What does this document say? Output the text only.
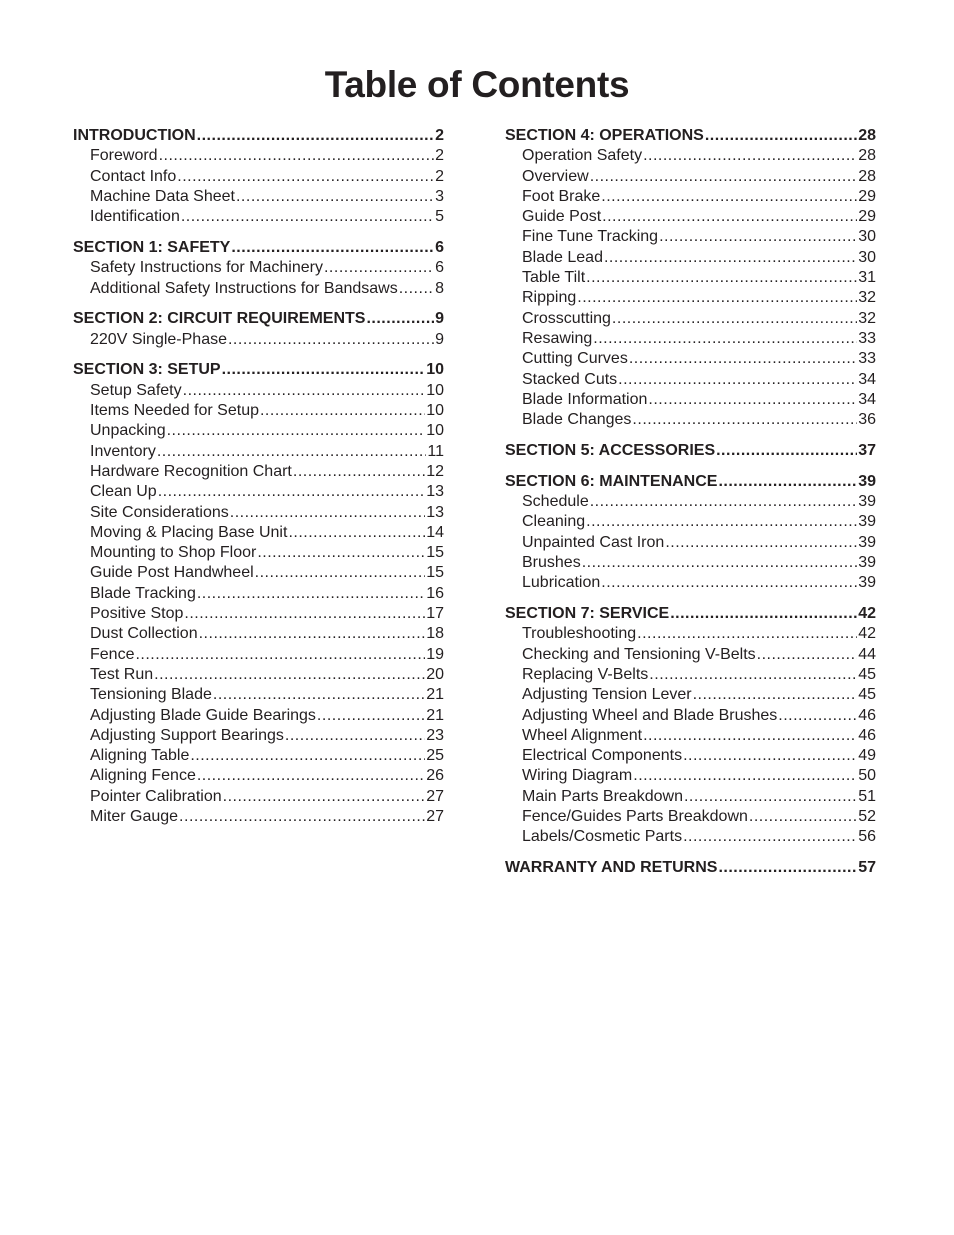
Table of Contents
INTRODUCTION .....	2
Foreword .....	2
Contact Info .....	2
Machine Data Sheet .....	3
Identification .....	5
SECTION 1: SAFETY .....	6
Safety Instructions for Machinery .....	6
Additional Safety Instructions for Bandsaws ..... 8
SECTION 2: CIRCUIT REQUIREMENTS .....	9
220V Single-Phase .....	9
SECTION 3: SETUP .....	10
Setup Safety .....	10
Items Needed for Setup .....	10
Unpacking .....	10
Inventory .....	11
Hardware Recognition Chart .....	12
Clean Up .....	13
Site Considerations .....	13
Moving & Placing Base Unit .....	14
Mounting to Shop Floor .....	15
Guide Post Handwheel .....	15
Blade Tracking .....	16
Positive Stop .....	17
Dust Collection .....	18
Fence .....	19
Test Run .....	20
Tensioning Blade .....	21
Adjusting Blade Guide Bearings .....	21
Adjusting Support Bearings .....	23
Aligning Table .....	25
Aligning Fence .....	26
Pointer Calibration .....	27
Miter Gauge .....	27
SECTION 4: OPERATIONS .....	28
Operation Safety .....	28
Overview .....	28
Foot Brake .....	29
Guide Post .....	29
Fine Tune Tracking .....	30
Blade Lead .....	30
Table Tilt .....	31
Ripping .....	32
Crosscutting .....	32
Resawing .....	33
Cutting Curves .....	33
Stacked Cuts .....	34
Blade Information .....	34
Blade Changes .....	36
SECTION 5: ACCESSORIES .....	37
SECTION 6: MAINTENANCE .....	39
Schedule .....	39
Cleaning .....	39
Unpainted Cast Iron .....	39
Brushes .....	39
Lubrication .....	39
SECTION 7: SERVICE .....	42
Troubleshooting .....	42
Checking and Tensioning V-Belts .....	44
Replacing V-Belts .....	45
Adjusting Tension Lever .....	45
Adjusting Wheel and Blade Brushes .....	46
Wheel Alignment .....	46
Electrical Components .....	49
Wiring Diagram .....	50
Main Parts Breakdown .....	51
Fence/Guides Parts Breakdown .....	52
Labels/Cosmetic Parts .....	56
WARRANTY AND RETURNS .....	57
